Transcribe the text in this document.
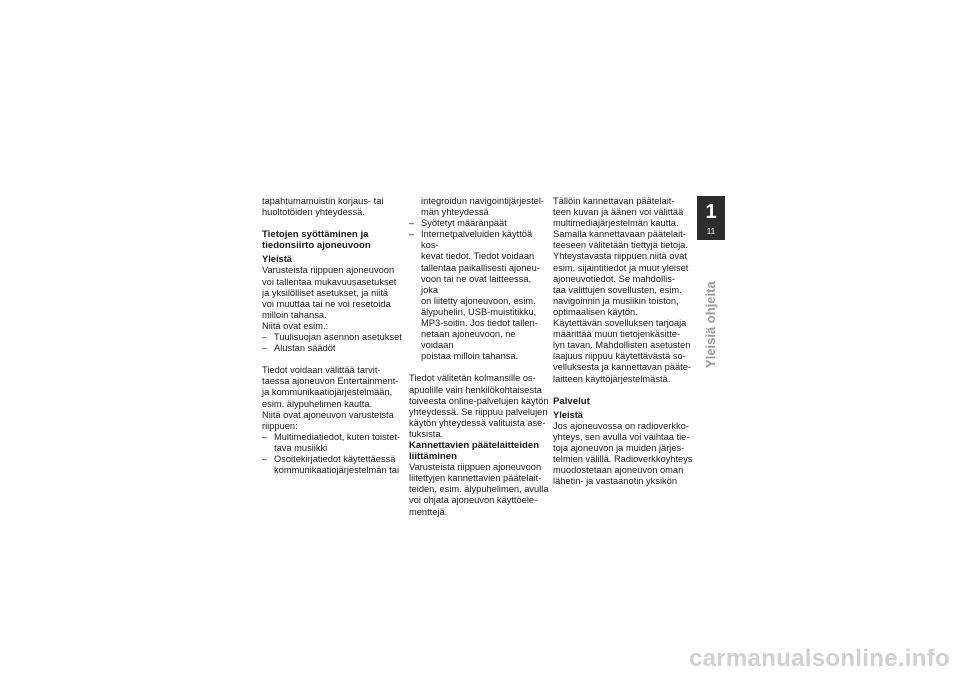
tapahtumamuistin korjaus- tai
huoltotöiden yhteydessä.

Tietojen syöttäminen ja
tiedonsiirto ajoneuvoon
Yleistä

Varusteista riippuen ajoneuvoon
voi tallentaa mukavuusasetukset
ja yksilölliset asetukset, ja niitä
voi muuttaa tai ne voi resetoida
milloin tahansa.

Niitä ovat esim.:

– Tuulisuojan asennon asetukset
– Alustan säädöt

Tiedot voidaan välittää tarvit-
taessa ajoneuvon Entertainment-
ja kommunikaatiojärjestelmään,
esim. älypuhelimen kautta.

Niitä ovat ajoneuvon varusteista
riippuen:

– Multimediatiedot, kuten toistet-
tava musiikki
– Osoitekirjatiedot käytettäessä
kommunikaatiojärjestelmän tai

integroidun navigointijärjestel-
män yhteydessä

– Syötetyt määränpäät
– Internetpalveluiden käyttöä kos-
kevat tiedot. Tiedot voidaan
tallentaa paikallisesti ajoneu-
voon tai ne ovat laitteessa, joka
on liitetty ajoneuvoon, esim.
älypuhelin, USB-muistitikku,
MP3-soitin. Jos tiedot tallen-
netaan ajoneuvoon, ne voidaan
poistaa milloin tahansa.

Tiedot välitetän kolmansille os-
apuolille vain henkilökohtaisesta
toiveesta online-palvelujen käytön
yhteydessä. Se riippuu palvelujen
käytön yhteydessä valituista ase-
tuksista.

Kannettavien päätelaitteiden
liittäminen

Varusteista riippuen ajoneuvoon
liitettyjen kannettavien päätelait-
teiden, esim. älypuhelimen, avulla
voi ohjata ajoneuvon käyttöele-
menttejä.

Tällöin kannettavan päätelait-
teen kuvan ja äänen voi välittää
multimediajärjestelmän kautta.
Samalla kannettavaan päätelait-
teeseen välitetään tiettyjä tietoja.
Yhteystavasta riippuen niitä ovat
esim. sijaintitiedot ja muut yleiset
ajoneuvotiedot. Se mahdollis-
taa valittujen sovellusten, esim.
navigoinnin ja musiikin toiston,
optimaalisen käytön.

Käytettävän sovelluksen tarjoaja
määrittää muun tietojenkäsitte-
lyn tavan. Mahdollisten asetusten
laajuus riippuu käytettävästä so-
velluksesta ja kannettavan pääte-
laitteen käyttöjärjestelmästä.

Palvelut
Yleistä

Jos ajoneuvossa on radioverkko-
yhteys, sen avulla voi vaihtaa tie-
toja ajoneuvon ja muiden järjes-
telmien välillä. Radioverkkoyhteys
muodostetaan ajoneuvon oman
lähetin- ja vastaanotin yksikön

1
11
Yleisiä ohjeita
carmanualsonline.info
